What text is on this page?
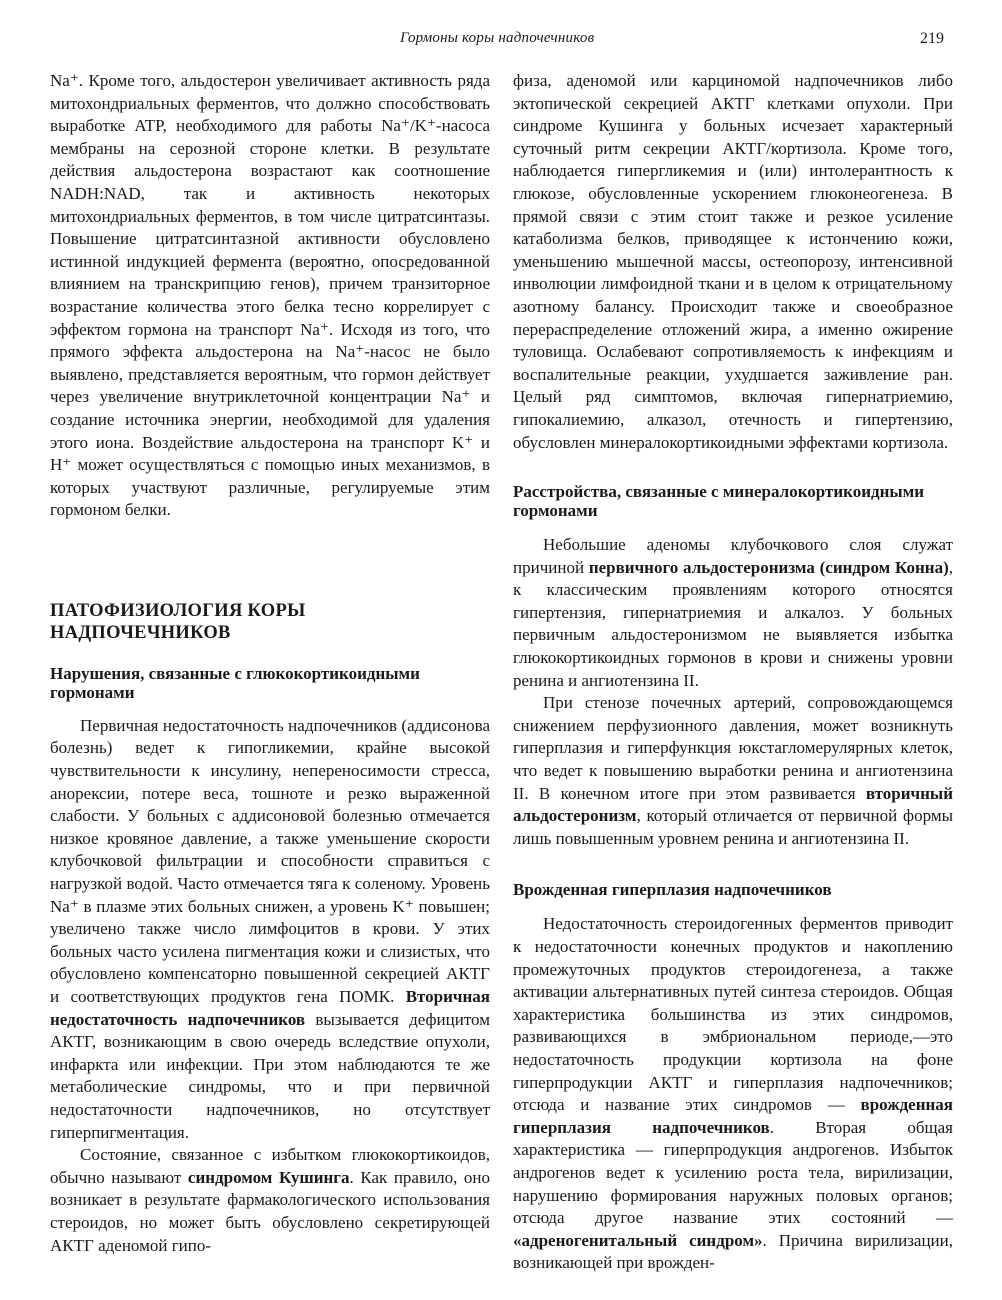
Гормоны коры надпочечников	219

Na⁺. Кроме того, альдостерон увеличивает активность ряда митохондриальных ферментов, что должно способствовать выработке ATP, необходимого для работы Na⁺/K⁺-насоса мембраны на серозной стороне клетки. В результате действия альдостерона возрастают как соотношение NADH:NAD, так и активность некоторых митохондриальных ферментов, в том числе цитратсинтазы. Повышение цитратсинтазной активности обусловлено истинной индукцией фермента (вероятно, опосредованной влиянием на транскрипцию генов), причем транзиторное возрастание количества этого белка тесно коррелирует с эффектом гормона на транспорт Na⁺. Исходя из того, что прямого эффекта альдостерона на Na⁺-насос не было выявлено, представляется вероятным, что гормон действует через увеличение внутриклеточной концентрации Na⁺ и создание источника энергии, необходимой для удаления этого иона. Воздействие альдостерона на транспорт K⁺ и H⁺ может осуществляться с помощью иных механизмов, в которых участвуют различные, регулируемые этим гормоном белки.

ПАТОФИЗИОЛОГИЯ КОРЫ НАДПОЧЕЧНИКОВ
Нарушения, связанные с глюкокортикоидными гормонами

Первичная недостаточность надпочечников (аддисонова болезнь) ведет к гипогликемии, крайне высокой чувствительности к инсулину, непереносимости стресса, анорексии, потере веса, тошноте и резко выраженной слабости. У больных с аддисоновой болезнью отмечается низкое кровяное давление, а также уменьшение скорости клубочковой фильтрации и способности справиться с нагрузкой водой. Часто отмечается тяга к соленому. Уровень Na⁺ в плазме этих больных снижен, а уровень K⁺ повышен; увеличено также число лимфоцитов в крови. У этих больных часто усилена пигментация кожи и слизистых, что обусловлено компенсаторно повышенной секрецией АКТГ и соответствующих продуктов гена ПОМК. Вторичная недостаточность надпочечников вызывается дефицитом АКТГ, возникающим в свою очередь вследствие опухоли, инфаркта или инфекции. При этом наблюдаются те же метаболические синдромы, что и при первичной недостаточности надпочечников, но отсутствует гиперпигментация.

Состояние, связанное с избытком глюкокортикоидов, обычно называют синдромом Кушинга. Как правило, оно возникает в результате фармакологического использования стероидов, но может быть обусловлено секретирующей АКТГ аденомой гипо-

физа, аденомой или карциномой надпочечников либо эктопической секрецией АКТГ клетками опухоли. При синдроме Кушинга у больных исчезает характерный суточный ритм секреции АКТГ/кортизола. Кроме того, наблюдается гипергликемия и (или) интолерантность к глюкозе, обусловленные ускорением глюконеогенеза. В прямой связи с этим стоит также и резкое усиление катаболизма белков, приводящее к истончению кожи, уменьшению мышечной массы, остеопорозу, интенсивной инволюции лимфоидной ткани и в целом к отрицательному азотному балансу. Происходит также и своеобразное перераспределение отложений жира, а именно ожирение туловища. Ослабевают сопротивляемость к инфекциям и воспалительные реакции, ухудшается заживление ран. Целый ряд симптомов, включая гипернатриемию, гипокалиемию, алказол, отечность и гипертензию, обусловлен минералокортикоидными эффектами кортизола.

Расстройства, связанные с минералокортикоидными гормонами

Небольшие аденомы клубочкового слоя служат причиной первичного альдостеронизма (синдром Конна), к классическим проявлениям которого относятся гипертензия, гипернатриемия и алкалоз. У больных первичным альдостеронизмом не выявляется избытка глюкокортикоидных гормонов в крови и снижены уровни ренина и ангиотензина II.

При стенозе почечных артерий, сопровождающемся снижением перфузионного давления, может возникнуть гиперплазия и гиперфункция юкстагломерулярных клеток, что ведет к повышению выработки ренина и ангиотензина II. В конечном итоге при этом развивается вторичный альдостеронизм, который отличается от первичной формы лишь повышенным уровнем ренина и ангиотензина II.

Врожденная гиперплазия надпочечников

Недостаточность стероидогенных ферментов приводит к недостаточности конечных продуктов и накоплению промежуточных продуктов стероидогенеза, а также активации альтернативных путей синтеза стероидов. Общая характеристика большинства из этих синдромов, развивающихся в эмбриональном периоде,—это недостаточность продукции кортизола на фоне гиперпродукции АКТГ и гиперплазия надпочечников; отсюда и название этих синдромов — врожденная гиперплазия надпочечников. Вторая общая характеристика — гиперпродукция андрогенов. Избыток андрогенов ведет к усилению роста тела, вирилизации, нарушению формирования наружных половых органов; отсюда другое название этих состояний — «адреногенитальный синдром». Причина вирилизации, возникающей при врожден-
